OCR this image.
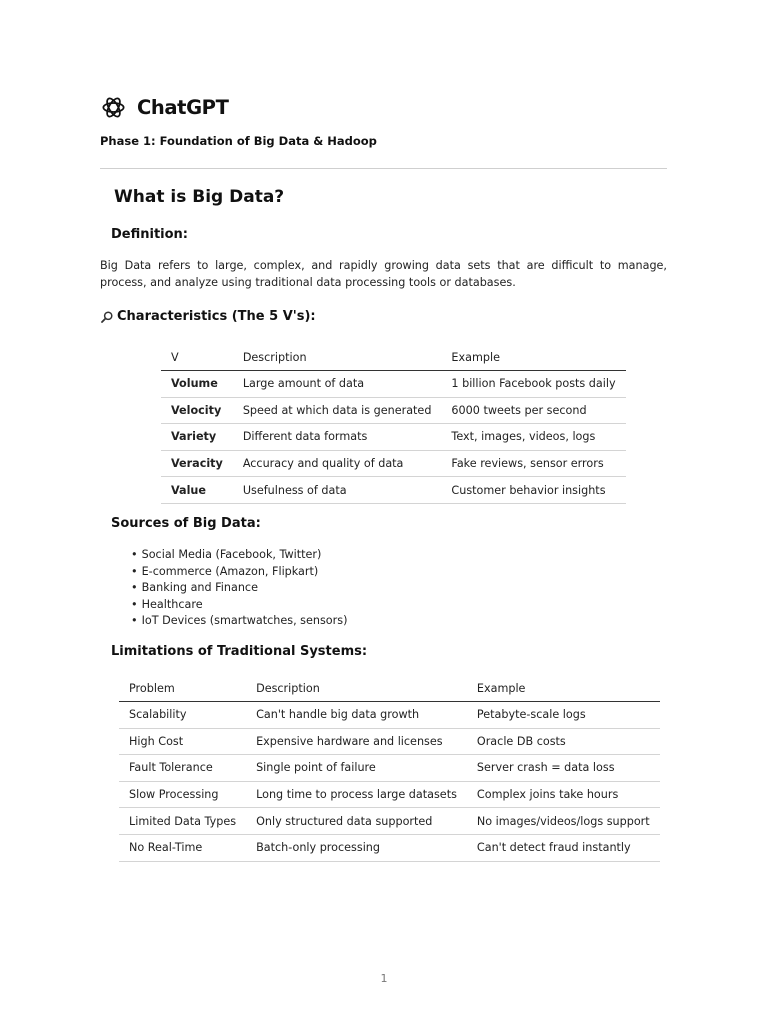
ChatGPT
Phase 1: Foundation of Big Data & Hadoop
What is Big Data?
Definition:
Big Data refers to large, complex, and rapidly growing data sets that are difficult to manage, process, and analyze using traditional data processing tools or databases.
Characteristics (The 5 V's):
V	Description	Example
Volume	Large amount of data	1 billion Facebook posts daily
Velocity	Speed at which data is generated	6000 tweets per second
Variety	Different data formats	Text, images, videos, logs
Veracity	Accuracy and quality of data	Fake reviews, sensor errors
Value	Usefulness of data	Customer behavior insights
Sources of Big Data:
• Social Media (Facebook, Twitter)
• E-commerce (Amazon, Flipkart)
• Banking and Finance
• Healthcare
• IoT Devices (smartwatches, sensors)
Limitations of Traditional Systems:
Problem	Description	Example
Scalability	Can't handle big data growth	Petabyte-scale logs
High Cost	Expensive hardware and licenses	Oracle DB costs
Fault Tolerance	Single point of failure	Server crash = data loss
Slow Processing	Long time to process large datasets	Complex joins take hours
Limited Data Types	Only structured data supported	No images/videos/logs support
No Real-Time	Batch-only processing	Can't detect fraud instantly
1
